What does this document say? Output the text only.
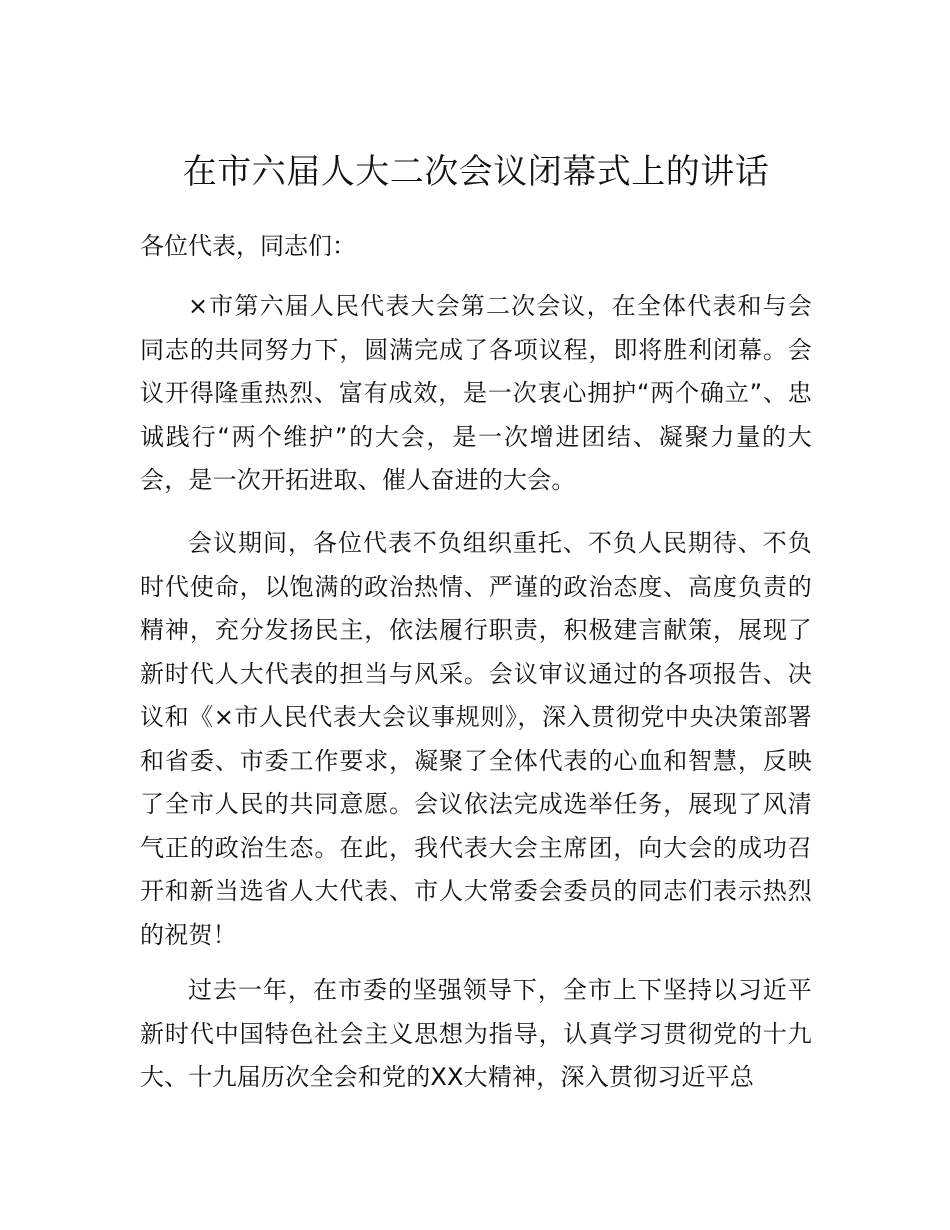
在市六届人大二次会议闭幕式上的讲话

各位代表，同志们：

×市第六届人民代表大会第二次会议，在全体代表和与会同志的共同努力下，圆满完成了各项议程，即将胜利闭幕。会议开得隆重热烈、富有成效，是一次衷心拥护“两个确立”、忠诚践行“两个维护”的大会，是一次增进团结、凝聚力量的大会，是一次开拓进取、催人奋进的大会。

会议期间，各位代表不负组织重托、不负人民期待、不负时代使命，以饱满的政治热情、严谨的政治态度、高度负责的精神，充分发扬民主，依法履行职责，积极建言献策，展现了新时代人大代表的担当与风采。会议审议通过的各项报告、决议和《×市人民代表大会议事规则》，深入贯彻党中央决策部署和省委、市委工作要求，凝聚了全体代表的心血和智慧，反映了全市人民的共同意愿。会议依法完成选举任务，展现了风清气正的政治生态。在此，我代表大会主席团，向大会的成功召开和新当选省人大代表、市人大常委会委员的同志们表示热烈的祝贺！

过去一年，在市委的坚强领导下，全市上下坚持以习近平新时代中国特色社会主义思想为指导，认真学习贯彻党的十九大、十九届历次全会和党的XX大精神，深入贯彻习近平总
